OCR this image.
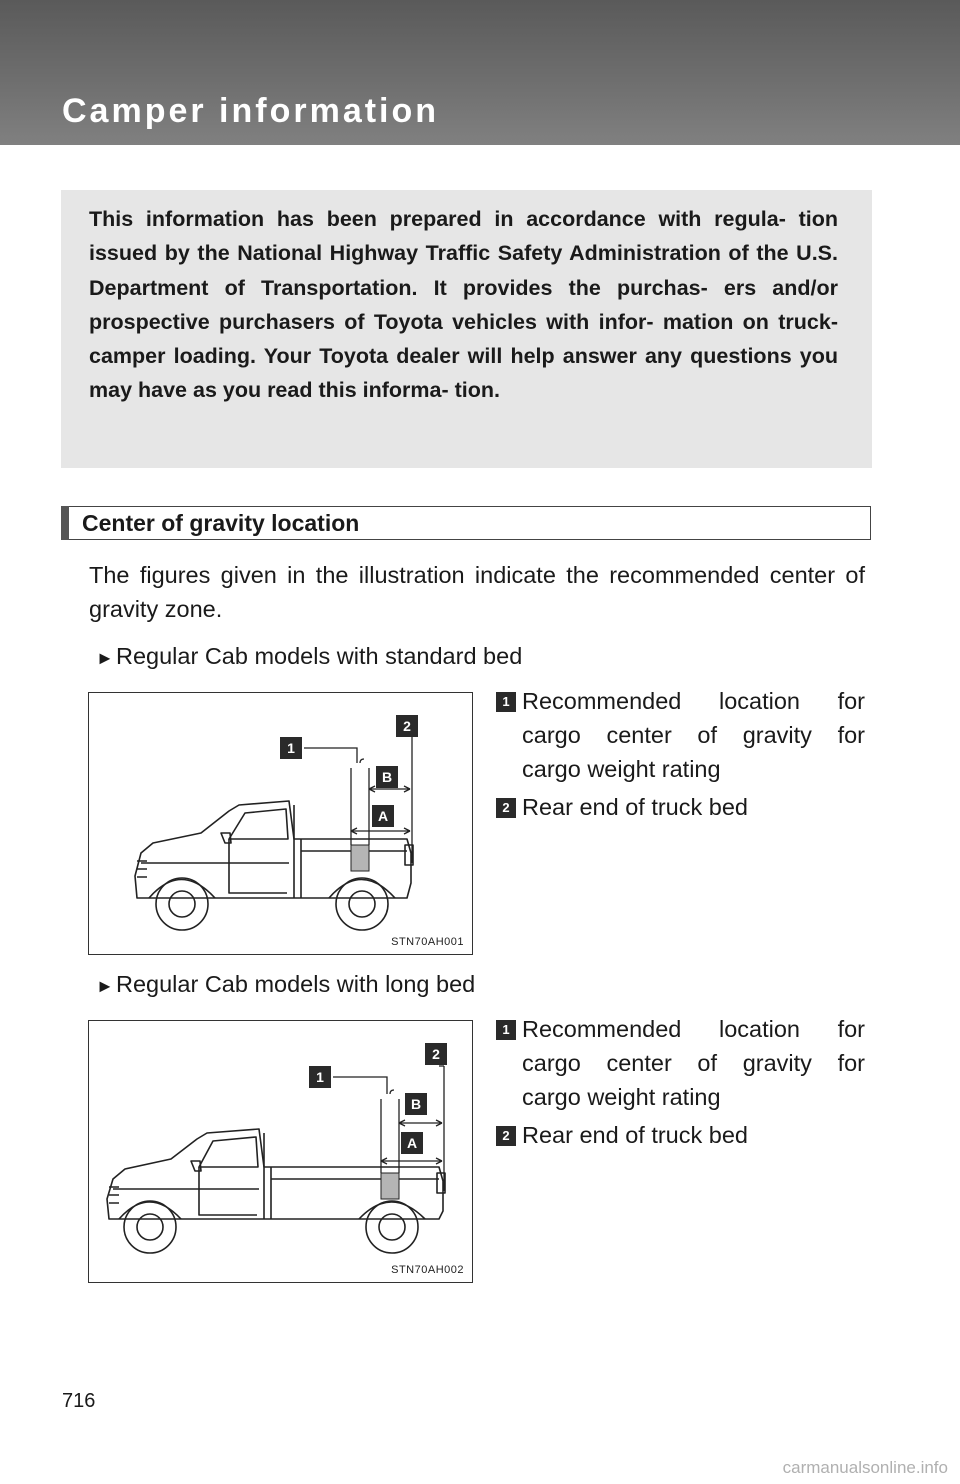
Camper information

This information has been prepared in accordance with regula- tion issued by the National Highway Traffic Safety Administration of the U.S. Department of Transportation. It provides the purchas- ers and/or prospective purchasers of Toyota vehicles with infor- mation on truck-camper loading. Your Toyota dealer will help answer any questions you may have as you read this informa- tion.

Center of gravity location

The figures given in the illustration indicate the recommended center of gravity zone.

►Regular Cab models with standard bed
1
2
B
A
STN70AH001
1 Recommended location for
cargo center of gravity for
cargo weight rating
2 Rear end of truck bed
►Regular Cab models with long bed
1
2
B
A
STN70AH002
1 Recommended location for
cargo center of gravity for
cargo weight rating
2 Rear end of truck bed
716
carmanualsonline.info
